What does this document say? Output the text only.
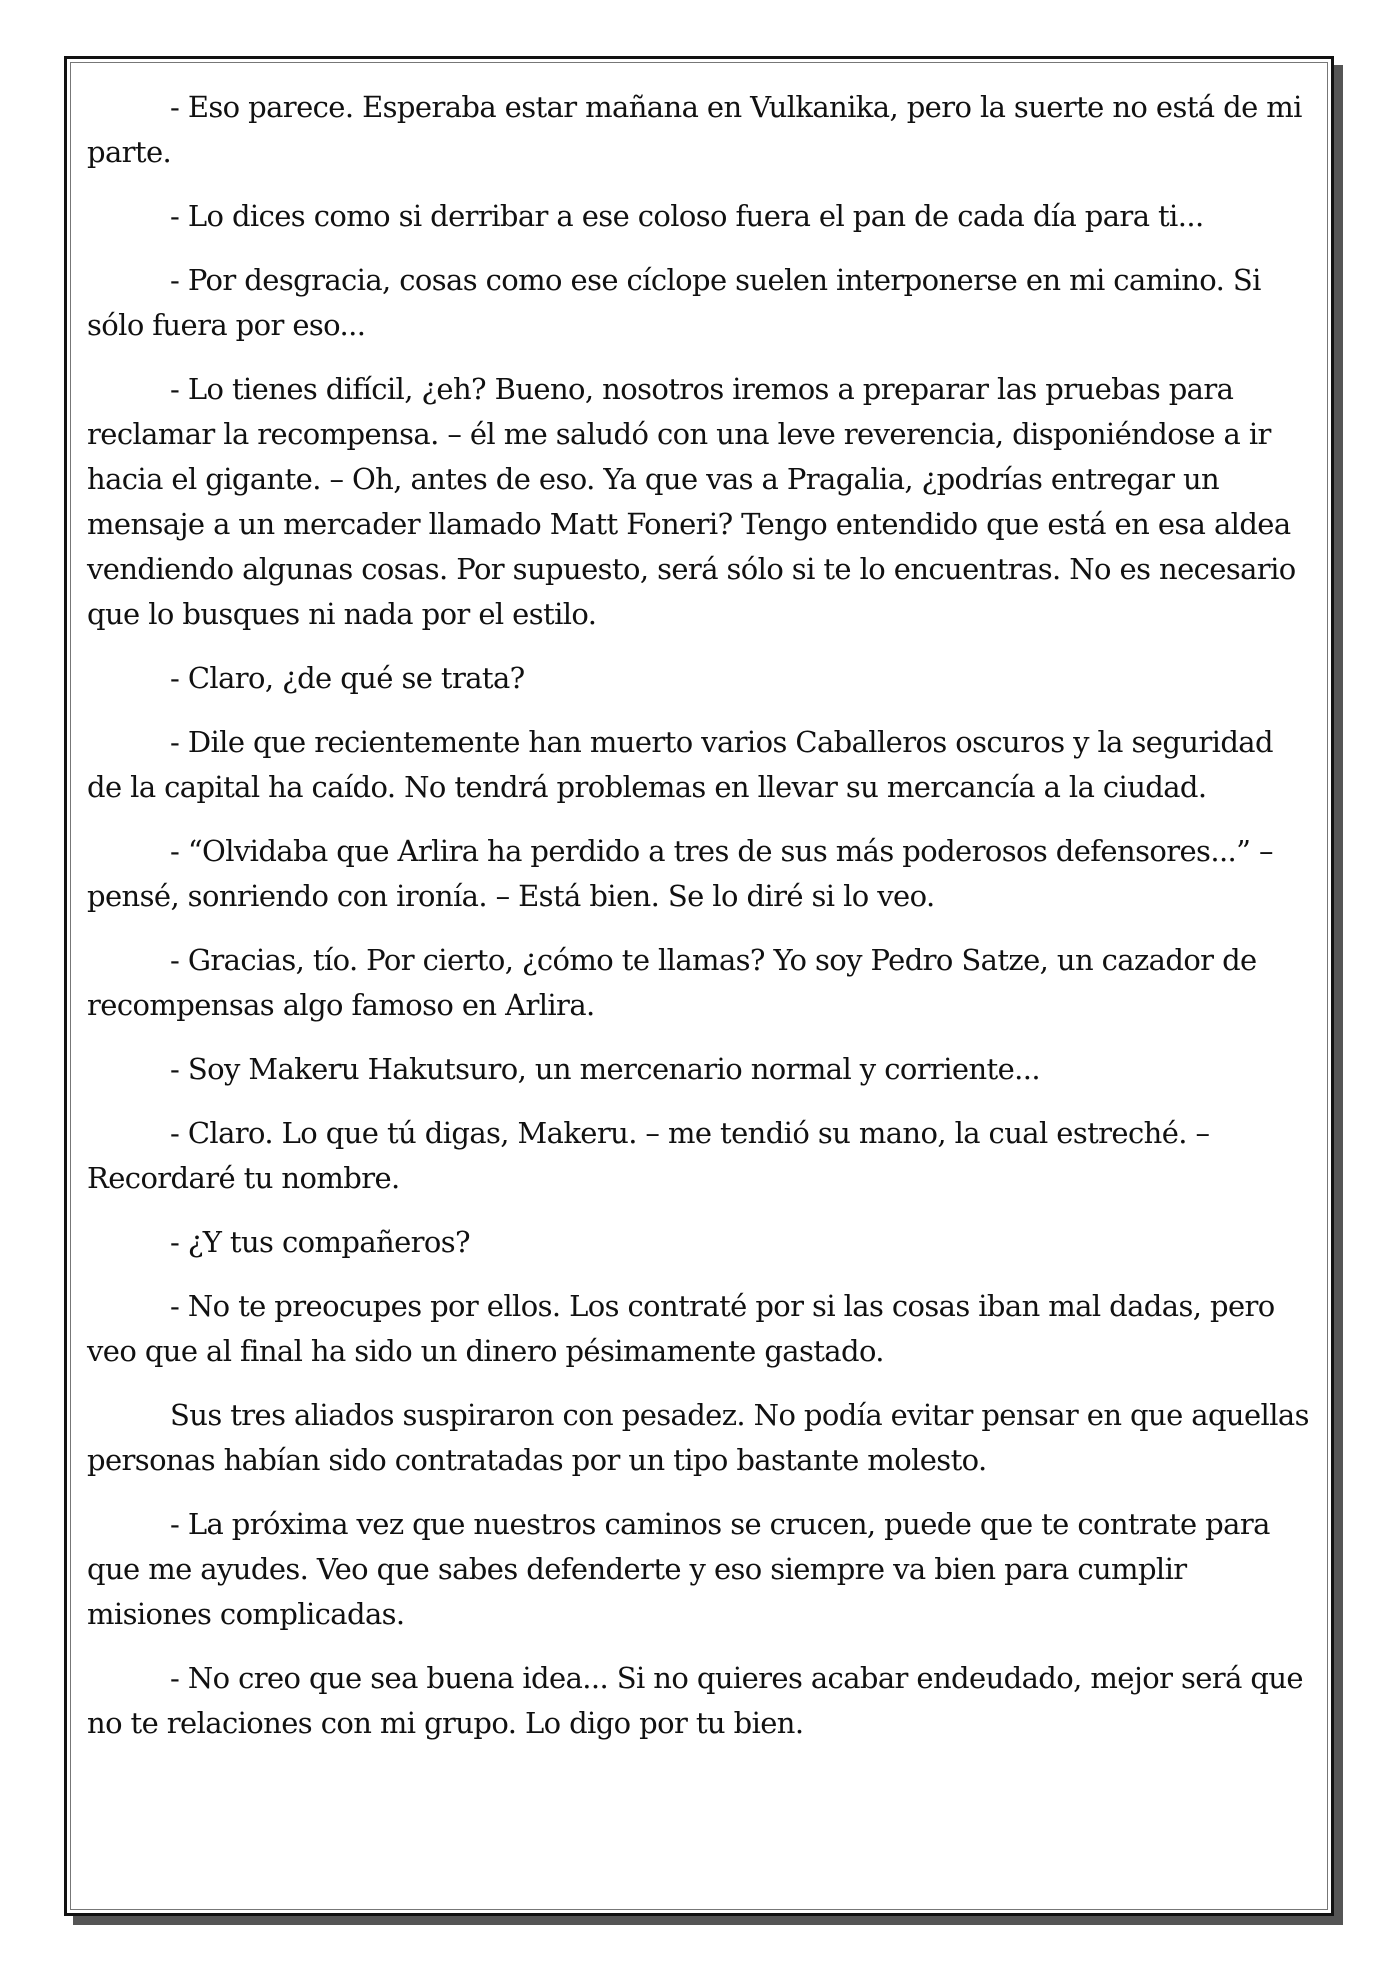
- Eso parece. Esperaba estar mañana en Vulkanika, pero la suerte no está de mi parte.

- Lo dices como si derribar a ese coloso fuera el pan de cada día para ti...

- Por desgracia, cosas como ese cíclope suelen interponerse en mi camino. Si sólo fuera por eso...

- Lo tienes difícil, ¿eh? Bueno, nosotros iremos a preparar las pruebas para reclamar la recompensa. – él me saludó con una leve reverencia, disponiéndose a ir hacia el gigante. – Oh, antes de eso. Ya que vas a Pragalia, ¿podrías entregar un mensaje a un mercader llamado Matt Foneri? Tengo entendido que está en esa aldea vendiendo algunas cosas. Por supuesto, será sólo si te lo encuentras. No es necesario que lo busques ni nada por el estilo.

- Claro, ¿de qué se trata?

- Dile que recientemente han muerto varios Caballeros oscuros y la seguridad de la capital ha caído. No tendrá problemas en llevar su mercancía a la ciudad.

- “Olvidaba que Arlira ha perdido a tres de sus más poderosos defensores...” – pensé, sonriendo con ironía. – Está bien. Se lo diré si lo veo.

- Gracias, tío. Por cierto, ¿cómo te llamas? Yo soy Pedro Satze, un cazador de recompensas algo famoso en Arlira.

- Soy Makeru Hakutsuro, un mercenario normal y corriente...

- Claro. Lo que tú digas, Makeru. – me tendió su mano, la cual estreché. – Recordaré tu nombre.

- ¿Y tus compañeros?

- No te preocupes por ellos. Los contraté por si las cosas iban mal dadas, pero veo que al final ha sido un dinero pésimamente gastado.

Sus tres aliados suspiraron con pesadez. No podía evitar pensar en que aquellas personas habían sido contratadas por un tipo bastante molesto.

- La próxima vez que nuestros caminos se crucen, puede que te contrate para que me ayudes. Veo que sabes defenderte y eso siempre va bien para cumplir misiones complicadas.

- No creo que sea buena idea... Si no quieres acabar endeudado, mejor será que no te relaciones con mi grupo. Lo digo por tu bien.
